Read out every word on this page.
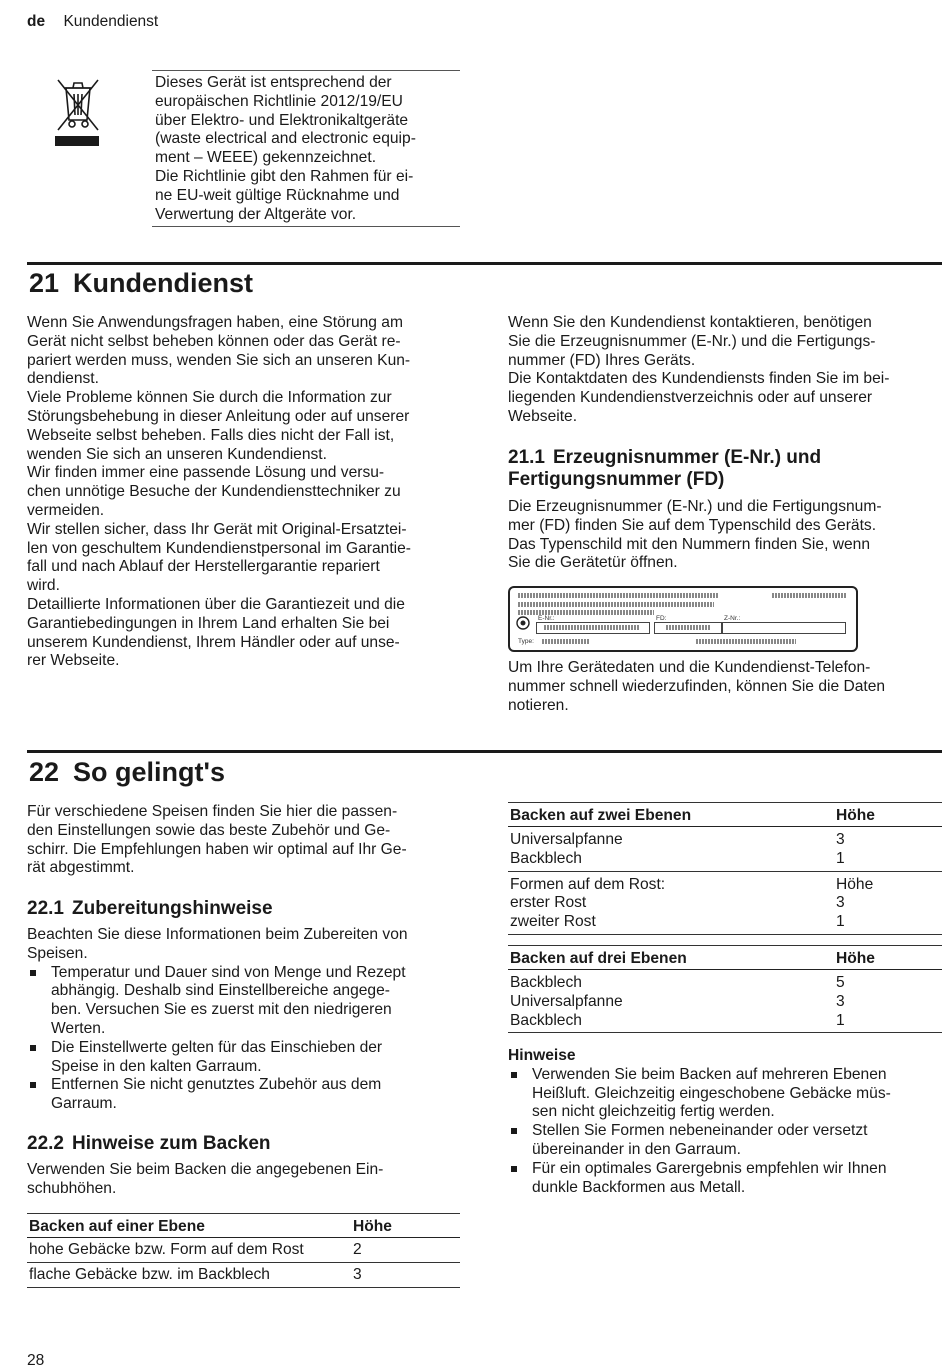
de Kundendienst

Dieses Gerät ist entsprechend der

europäischen Richtlinie 2012/19/EU

über Elektro- und Elektronikaltgeräte

(waste electrical and electronic equip-

ment – WEEE) gekennzeichnet.

Die Richtlinie gibt den Rahmen für ei-

ne EU-weit gültige Rücknahme und

Verwertung der Altgeräte vor.

21 Kundendienst

Wenn Sie Anwendungsfragen haben, eine Störung am

Gerät nicht selbst beheben können oder das Gerät re-

pariert werden muss, wenden Sie sich an unseren Kun-

dendienst.

Viele Probleme können Sie durch die Information zur

Störungsbehebung in dieser Anleitung oder auf unserer

Webseite selbst beheben. Falls dies nicht der Fall ist,

wenden Sie sich an unseren Kundendienst.

Wir finden immer eine passende Lösung und versu-

chen unnötige Besuche der Kundendiensttechniker zu

vermeiden.

Wir stellen sicher, dass Ihr Gerät mit Original-Ersatztei-

len von geschultem Kundendienstpersonal im Garantie-

fall und nach Ablauf der Herstellergarantie repariert

wird.

Detaillierte Informationen über die Garantiezeit und die

Garantiebedingungen in Ihrem Land erhalten Sie bei

unserem Kundendienst, Ihrem Händler oder auf unse-

rer Webseite.

Wenn Sie den Kundendienst kontaktieren, benötigen

Sie die Erzeugnisnummer (E-Nr.) und die Fertigungs-

nummer (FD) Ihres Geräts.

Die Kontaktdaten des Kundendiensts finden Sie im bei-

liegenden Kundendienstverzeichnis oder auf unserer

Webseite.

21.1 Erzeugnisnummer (E-Nr.) und
Fertigungsnummer (FD)

Die Erzeugnisnummer (E-Nr.) und die Fertigungsnum-

mer (FD) finden Sie auf dem Typenschild des Geräts.

Das Typenschild mit den Nummern finden Sie, wenn

Sie die Gerätetür öffnen.

E-Nr.:	FD:	Z-Nr.:
Type:

Um Ihre Gerätedaten und die Kundendienst-Telefon-

nummer schnell wiederzufinden, können Sie die Daten

notieren.

22 So gelingt's

Für verschiedene Speisen finden Sie hier die passen-

den Einstellungen sowie das beste Zubehör und Ge-

schirr. Die Empfehlungen haben wir optimal auf Ihr Ge-

rät abgestimmt.

22.1 Zubereitungshinweise

Beachten Sie diese Informationen beim Zubereiten von

Speisen.

Temperatur und Dauer sind von Menge und Rezept

abhängig. Deshalb sind Einstellbereiche angege-

ben. Versuchen Sie es zuerst mit den niedrigeren

Werten.

Die Einstellwerte gelten für das Einschieben der

Speise in den kalten Garraum.

Entfernen Sie nicht genutztes Zubehör aus dem

Garraum.

22.2 Hinweise zum Backen

Verwenden Sie beim Backen die angegebenen Ein-

schubhöhen.

Backen auf einer Ebene	Höhe
hohe Gebäcke bzw. Form auf dem Rost	2
flache Gebäcke bzw. im Backblech	3
Backen auf zwei Ebenen	Höhe
Universalpfanne	3
Backblech	1
Formen auf dem Rost:	Höhe
erster Rost	3
zweiter Rost	1
Backen auf drei Ebenen	Höhe
Backblech	5
Universalpfanne	3
Backblech	1

Hinweise

Verwenden Sie beim Backen auf mehreren Ebenen

Heißluft. Gleichzeitig eingeschobene Gebäcke müs-

sen nicht gleichzeitig fertig werden.

Stellen Sie Formen nebeneinander oder versetzt

übereinander in den Garraum.

Für ein optimales Garergebnis empfehlen wir Ihnen

dunkle Backformen aus Metall.

28
